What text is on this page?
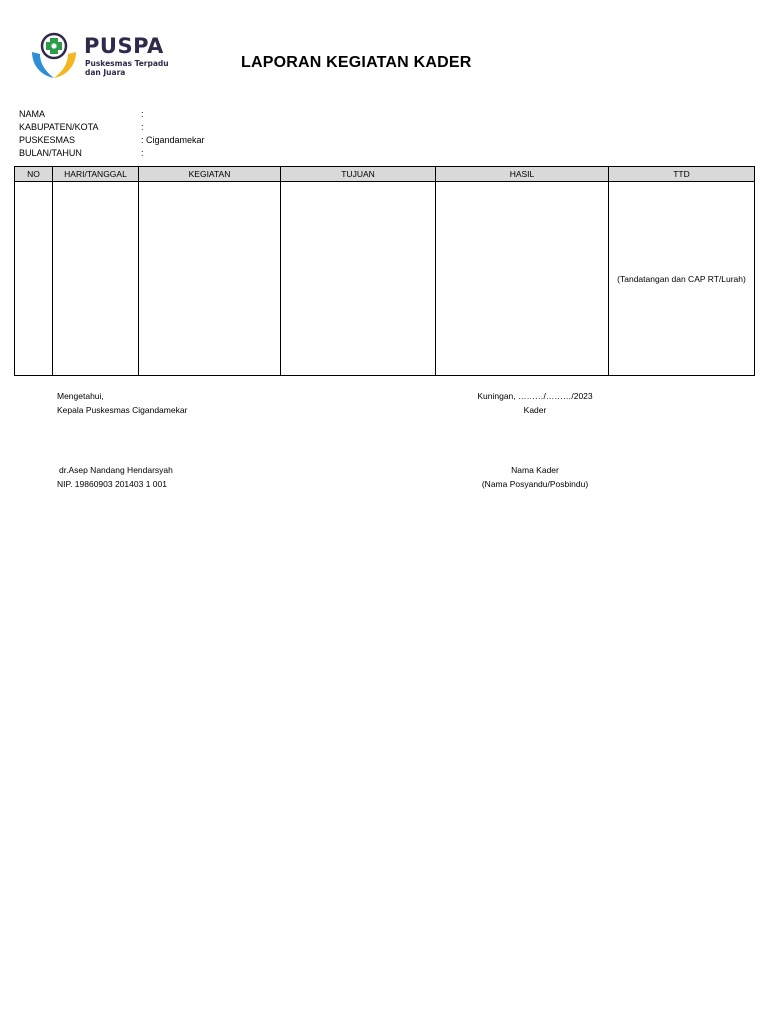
PUSPA
Puskesmas Terpadu
dan Juara
LAPORAN KEGIATAN KADER
NAMA	:
KABUPATEN/KOTA	:
PUSKESMAS	: Cigandamekar
BULAN/TAHUN	:
NO	HARI/TANGGAL	KEGIATAN	TUJUAN	HASIL	TTD
					(Tandatangan dan CAP RT/Lurah)
Mengetahui,
Kepala Puskesmas Cigandamekar
dr.Asep Nandang Hendarsyah
NIP. 19860903 201403 1 001
Kuningan, ………/………/2023
Kader
Nama Kader
(Nama Posyandu/Posbindu)
